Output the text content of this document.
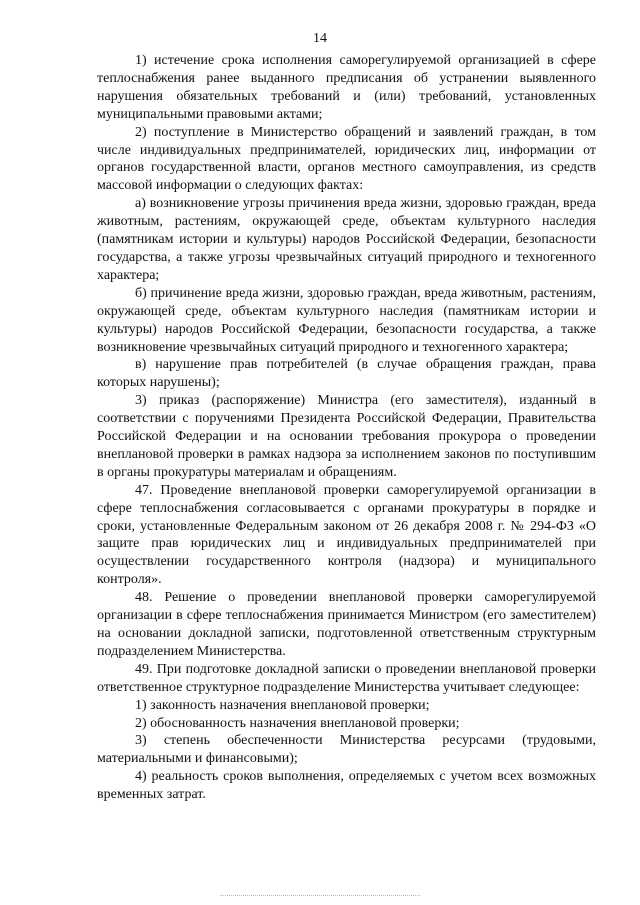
14

1) истечение срока исполнения саморегулируемой организацией в сфере теплоснабжения ранее выданного предписания об устранении выявленного нарушения обязательных требований и (или) требований, установленных муниципальными правовыми актами;

2) поступление в Министерство обращений и заявлений граждан, в том числе индивидуальных предпринимателей, юридических лиц, информации от органов государственной власти, органов местного самоуправления, из средств массовой информации о следующих фактах:

а) возникновение угрозы причинения вреда жизни, здоровью граждан, вреда животным, растениям, окружающей среде, объектам культурного наследия (памятникам истории и культуры) народов Российской Федерации, безопасности государства, а также угрозы чрезвычайных ситуаций природного и техногенного характера;

б) причинение вреда жизни, здоровью граждан, вреда животным, растениям, окружающей среде, объектам культурного наследия (памятникам истории и культуры) народов Российской Федерации, безопасности государства, а также возникновение чрезвычайных ситуаций природного и техногенного характера;

в) нарушение прав потребителей (в случае обращения граждан, права которых нарушены);

3) приказ (распоряжение) Министра (его заместителя), изданный в соответствии с поручениями Президента Российской Федерации, Правительства Российской Федерации и на основании требования прокурора о проведении внеплановой проверки в рамках надзора за исполнением законов по поступившим в органы прокуратуры материалам и обращениям.

47. Проведение внеплановой проверки саморегулируемой организации в сфере теплоснабжения согласовывается с органами прокуратуры в порядке и сроки, установленные Федеральным законом от 26 декабря 2008 г. № 294-ФЗ «О защите прав юридических лиц и индивидуальных предпринимателей при осуществлении государственного контроля (надзора) и муниципального контроля».

48. Решение о проведении внеплановой проверки саморегулируемой организации в сфере теплоснабжения принимается Министром (его заместителем) на основании докладной записки, подготовленной ответственным структурным подразделением Министерства.

49. При подготовке докладной записки о проведении внеплановой проверки ответственное структурное подразделение Министерства учитывает следующее:

1) законность назначения внеплановой проверки;

2) обоснованность назначения внеплановой проверки;

3) степень обеспеченности Министерства ресурсами (трудовыми, материальными и финансовыми);

4) реальность сроков выполнения, определяемых с учетом всех возможных временных затрат.
